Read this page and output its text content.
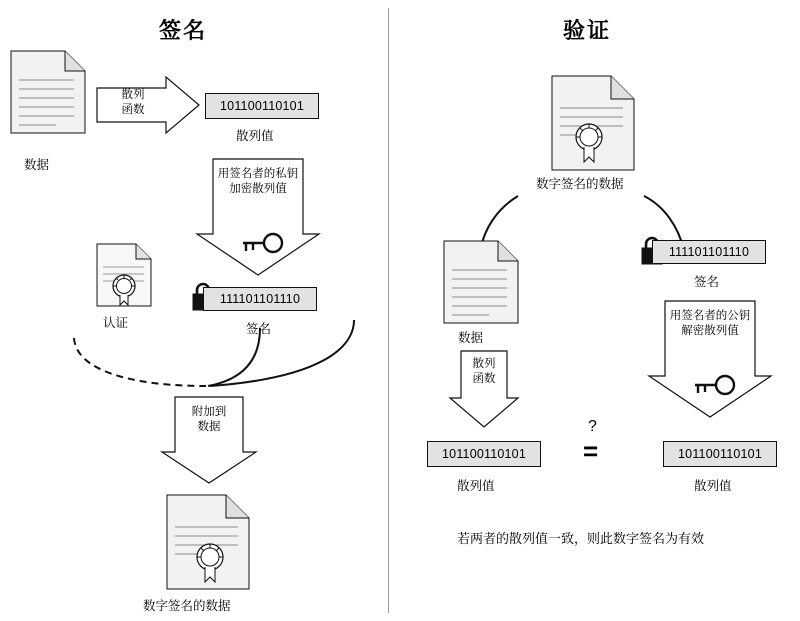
签名	验证
数据
散列
函数	101100110101
散列值
用签名者的私钥
加密散列值
认证
111101101110
签名
附加到
数据
数字签名的数据
数字签名的数据
数据
散列
函数
101100110101
散列值
111101101110
签名
用签名者的公钥
解密散列值
101100110101
散列值
?
=
若两者的散列值一致，则此数字签名为有效
